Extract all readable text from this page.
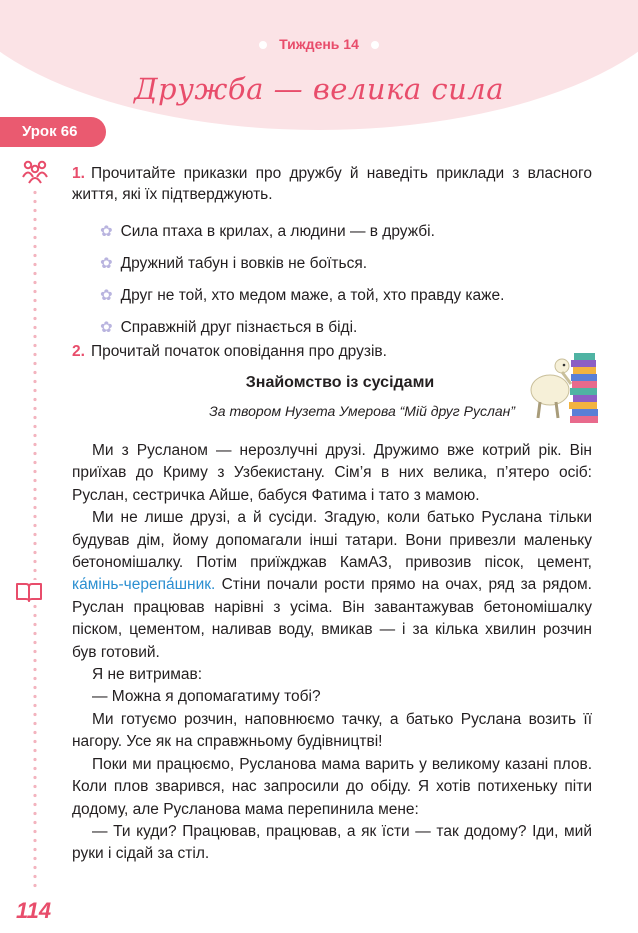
Тиждень 14
Дружба — велика сила
Урок 66
1. Прочитайте приказки про дружбу й наведіть приклади з власного життя, які їх підтверджують.
✿ Сила птаха в крилах, а людини — в дружбі.
✿ Дружний табун і вовків не боїться.
✿ Друг не той, хто медом маже, а той, хто правду каже.
✿ Справжній друг пізнається в біді.
2. Прочитай початок оповідання про друзів.
Знайомство із сусідами
За твором Нузета Умерова “Мій друг Руслан”

Ми з Русланом — нерозлучні друзі. Дружимо вже котрий рік. Він приїхав до Криму з Узбекистану. Сім’я в них велика, п’ятеро осіб: Руслан, сестричка Айше, бабуся Фатима і тато з мамою.

Ми не лише друзі, а й сусіди. Згадую, коли батько Руслана тільки будував дім, йому допомагали інші татари. Вони привезли маленьку бетономішалку. Потім приїжджав КамАЗ, привозив пісок, цемент, ка́мінь-черепа́шник. Стіни почали рости прямо на очах, ряд за рядом. Руслан працював нарівні з усіма. Він завантажував бетономішалку піском, цементом, наливав воду, вмикав — і за кілька хвилин розчин був готовий.

Я не витримав:

— Можна я допомагатиму тобі?

Ми готуємо розчин, наповнюємо тачку, а батько Руслана возить її нагору. Усе як на справжньому будівництві!

Поки ми працюємо, Русланова мама варить у великому казані плов. Коли плов зварився, нас запросили до обіду. Я хотів потихеньку піти додому, але Русланова мама перепинила мене:

— Ти куди? Працював, працював, а як їсти — так додому? Іди, мий руки і сідай за стіл.

114
